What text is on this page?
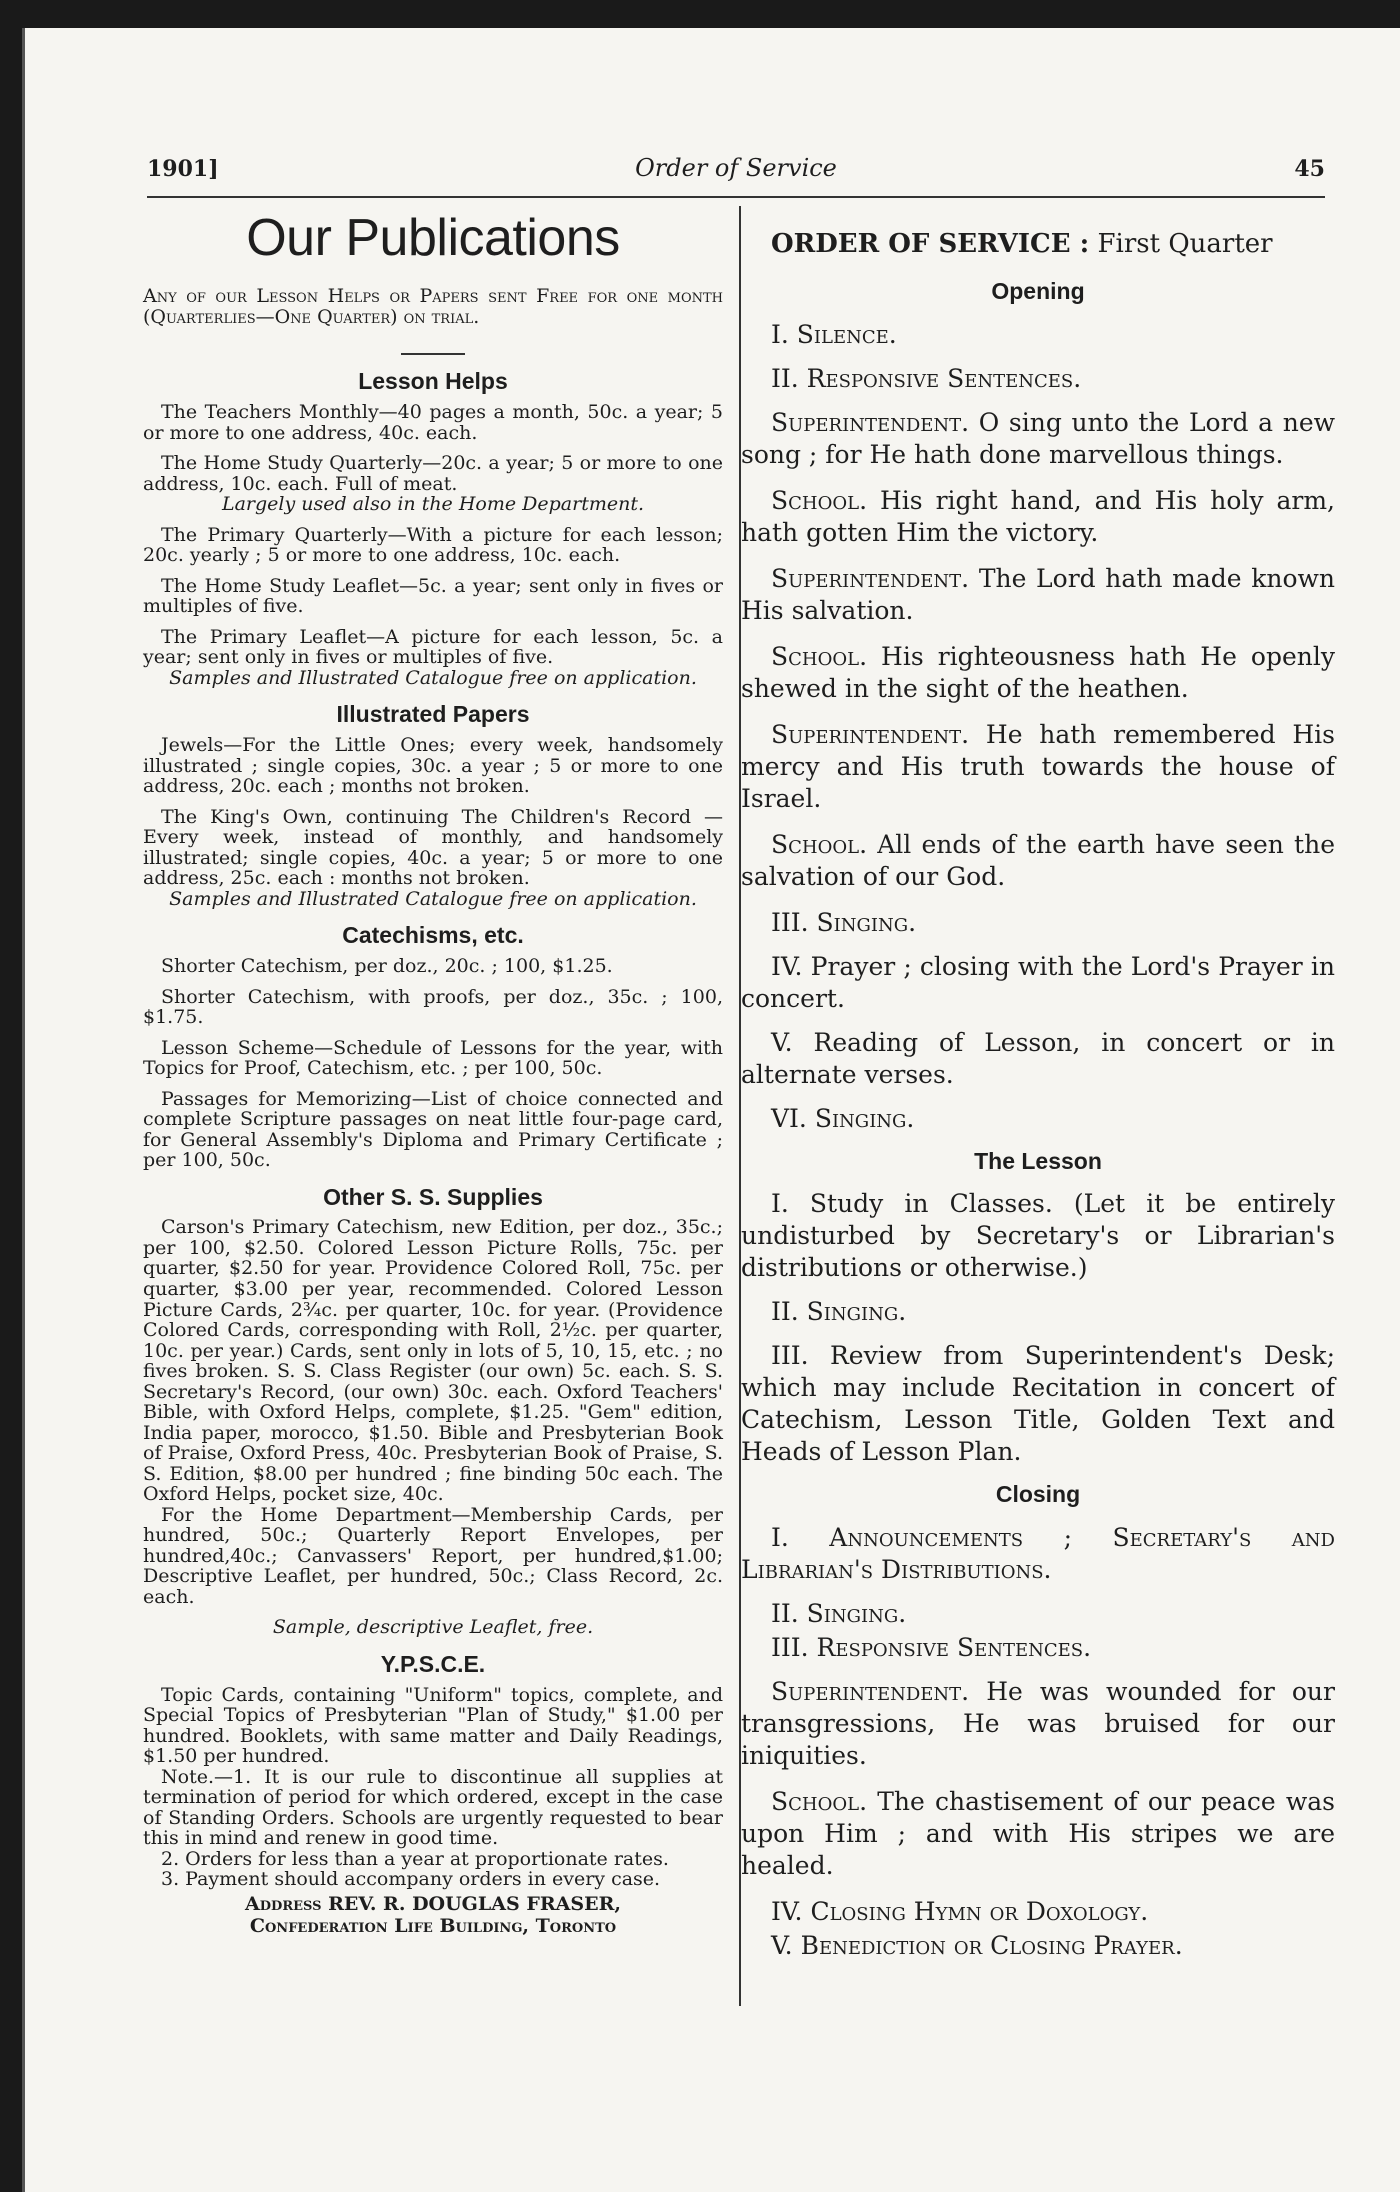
1901]	Order of Service	45
Our Publications

Any of our Lesson Helps or Papers sent Free for one month (Quarterlies—One Quarter) on trial.

Lesson Helps

The Teachers Monthly—40 pages a month, 50c. a year; 5 or more to one address, 40c. each.

The Home Study Quarterly—20c. a year; 5 or more to one address, 10c. each. Full of meat.

Largely used also in the Home Department.

The Primary Quarterly—With a picture for each lesson; 20c. yearly ; 5 or more to one address, 10c. each.

The Home Study Leaflet—5c. a year; sent only in fives or multiples of five.

The Primary Leaflet—A picture for each lesson, 5c. a year; sent only in fives or multiples of five.

Samples and Illustrated Catalogue free on application.

Illustrated Papers

Jewels—For the Little Ones; every week, handsomely illustrated ; single copies, 30c. a year ; 5 or more to one address, 20c. each ; months not broken.

The King's Own, continuing The Children's Record —Every week, instead of monthly, and handsomely illustrated; single copies, 40c. a year; 5 or more to one address, 25c. each : months not broken.

Samples and Illustrated Catalogue free on application.

Catechisms, etc.

Shorter Catechism, per doz., 20c. ; 100, $1.25.

Shorter Catechism, with proofs, per doz., 35c. ; 100, $1.75.

Lesson Scheme—Schedule of Lessons for the year, with Topics for Proof, Catechism, etc. ; per 100, 50c.

Passages for Memorizing—List of choice connected and complete Scripture passages on neat little four-page card, for General Assembly's Diploma and Primary Certificate ; per 100, 50c.

Other S. S. Supplies

Carson's Primary Catechism, new Edition, per doz., 35c.; per 100, $2.50. Colored Lesson Picture Rolls, 75c. per quarter, $2.50 for year. Providence Colored Roll, 75c. per quarter, $3.00 per year, recommended. Colored Lesson Picture Cards, 2¾c. per quarter, 10c. for year. (Providence Colored Cards, corresponding with Roll, 2½c. per quarter, 10c. per year.) Cards, sent only in lots of 5, 10, 15, etc. ; no fives broken. S. S. Class Register (our own) 5c. each. S. S. Secretary's Record, (our own) 30c. each. Oxford Teachers' Bible, with Oxford Helps, complete, $1.25. "Gem" edition, India paper, morocco, $1.50. Bible and Presbyterian Book of Praise, Oxford Press, 40c. Presbyterian Book of Praise, S. S. Edition, $8.00 per hundred ; fine binding 50c each. The Oxford Helps, pocket size, 40c.

For the Home Department—Membership Cards, per hundred, 50c.; Quarterly Report Envelopes, per hundred,40c.; Canvassers' Report, per hundred,$1.00; Descriptive Leaflet, per hundred, 50c.; Class Record, 2c. each.

Sample, descriptive Leaflet, free.

Y.P.S.C.E.

Topic Cards, containing "Uniform" topics, complete, and Special Topics of Presbyterian "Plan of Study," $1.00 per hundred. Booklets, with same matter and Daily Readings, $1.50 per hundred.

Note.—1. It is our rule to discontinue all supplies at termination of period for which ordered, except in the case of Standing Orders. Schools are urgently requested to bear this in mind and renew in good time.

2. Orders for less than a year at proportionate rates.

3. Payment should accompany orders in every case.

Address REV. R. DOUGLAS FRASER,

Confederation Life Building, Toronto

ORDER OF SERVICE : First Quarter

Opening

I. Silence.

II. Responsive Sentences.

Superintendent. O sing unto the Lord a new song ; for He hath done marvellous things.

School. His right hand, and His holy arm, hath gotten Him the victory.

Superintendent. The Lord hath made known His salvation.

School. His righteousness hath He openly shewed in the sight of the heathen.

Superintendent. He hath remembered His mercy and His truth towards the house of Israel.

School. All ends of the earth have seen the salvation of our God.

III. Singing.

IV. Prayer ; closing with the Lord's Prayer in concert.

V. Reading of Lesson, in concert or in alternate verses.

VI. Singing.

The Lesson

I. Study in Classes. (Let it be entirely undisturbed by Secretary's or Librarian's distributions or otherwise.)

II. Singing.

III. Review from Superintendent's Desk; which may include Recitation in concert of Catechism, Lesson Title, Golden Text and Heads of Lesson Plan.

Closing

I. Announcements ; Secretary's and Librarian's Distributions.

II. Singing.

III. Responsive Sentences.

Superintendent. He was wounded for our transgressions, He was bruised for our iniquities.

School. The chastisement of our peace was upon Him ; and with His stripes we are healed.

IV. Closing Hymn or Doxology.

V. Benediction or Closing Prayer.
